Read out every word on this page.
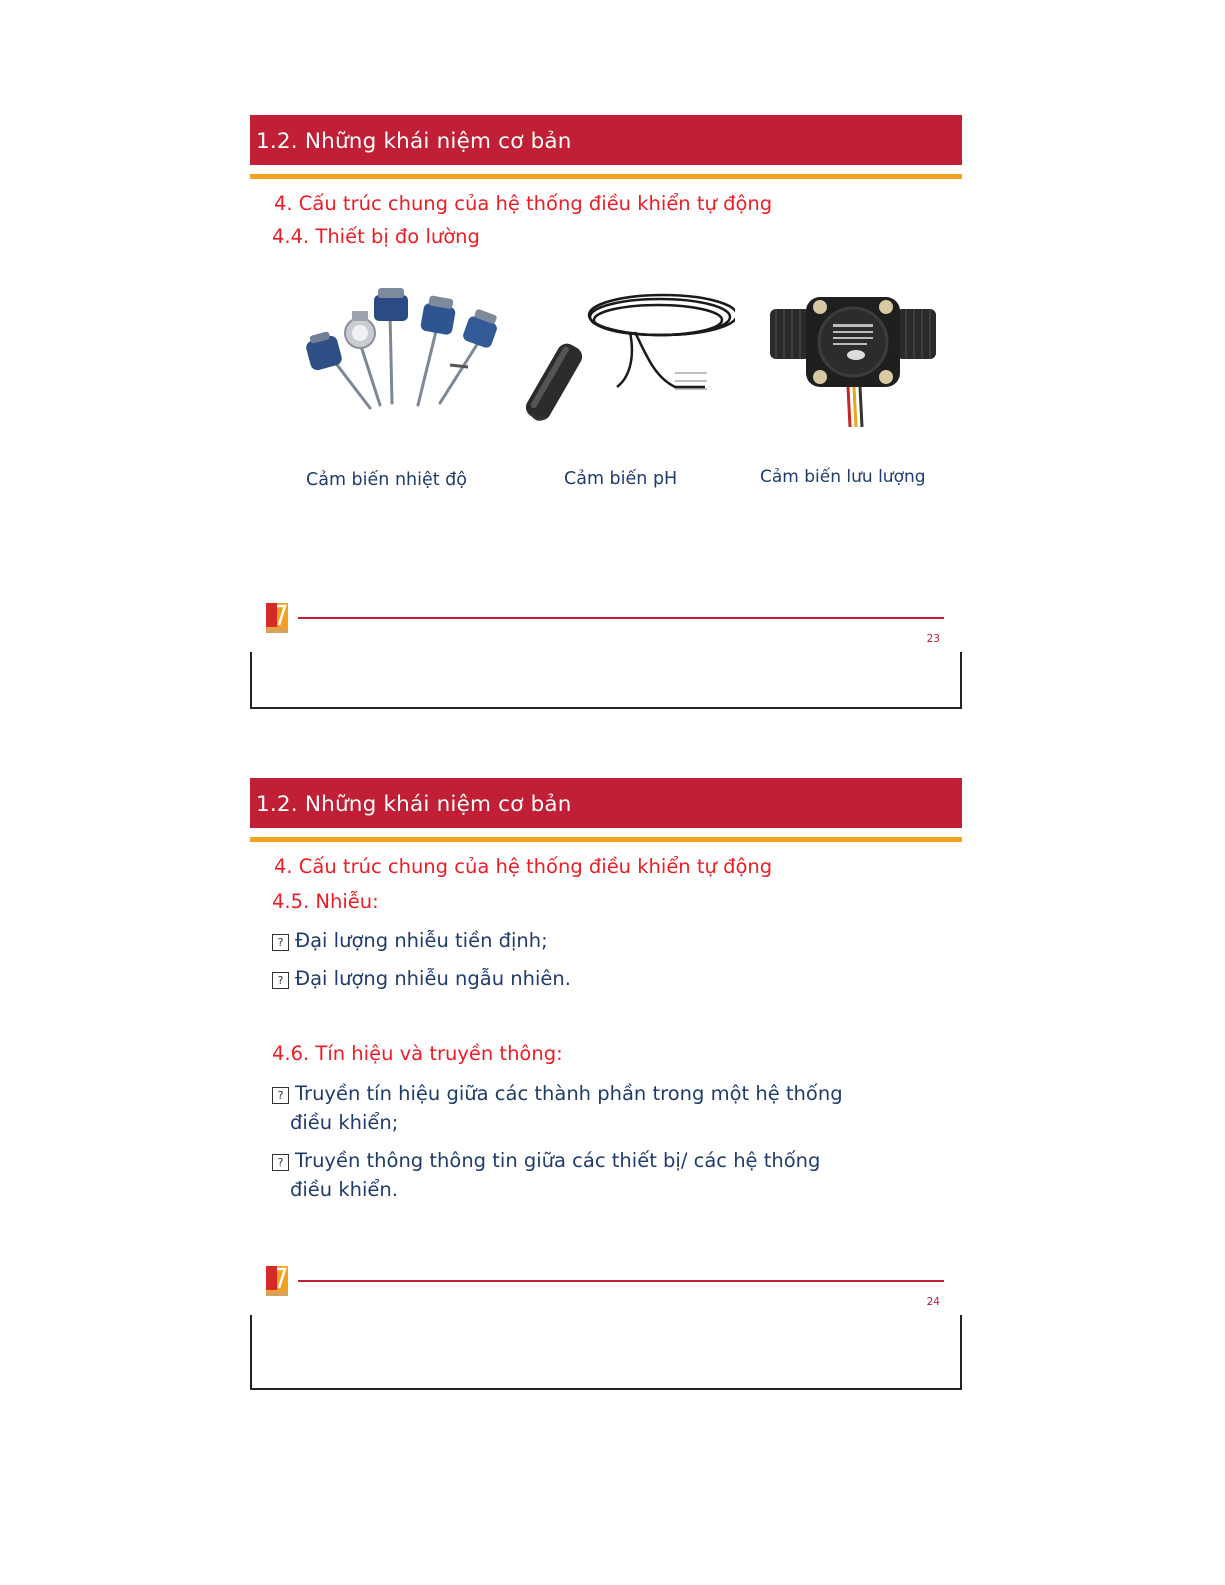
1.2. Những khái niệm cơ bản
4. Cấu trúc chung của hệ thống điều khiển tự động
4.4. Thiết bị đo lường
Cảm biến nhiệt độ	Cảm biến pH	Cảm biến lưu lượng
23
1.2. Những khái niệm cơ bản
4. Cấu trúc chung của hệ thống điều khiển tự động
4.5. Nhiễu:
? Đại lượng nhiễu tiền định;
? Đại lượng nhiễu ngẫu nhiên.
4.6. Tín hiệu và truyền thông:
? Truyền tín hiệu giữa các thành phần trong một hệ thống
điều khiển;
? Truyền thông thông tin giữa các thiết bị/ các hệ thống
điều khiển.
24
